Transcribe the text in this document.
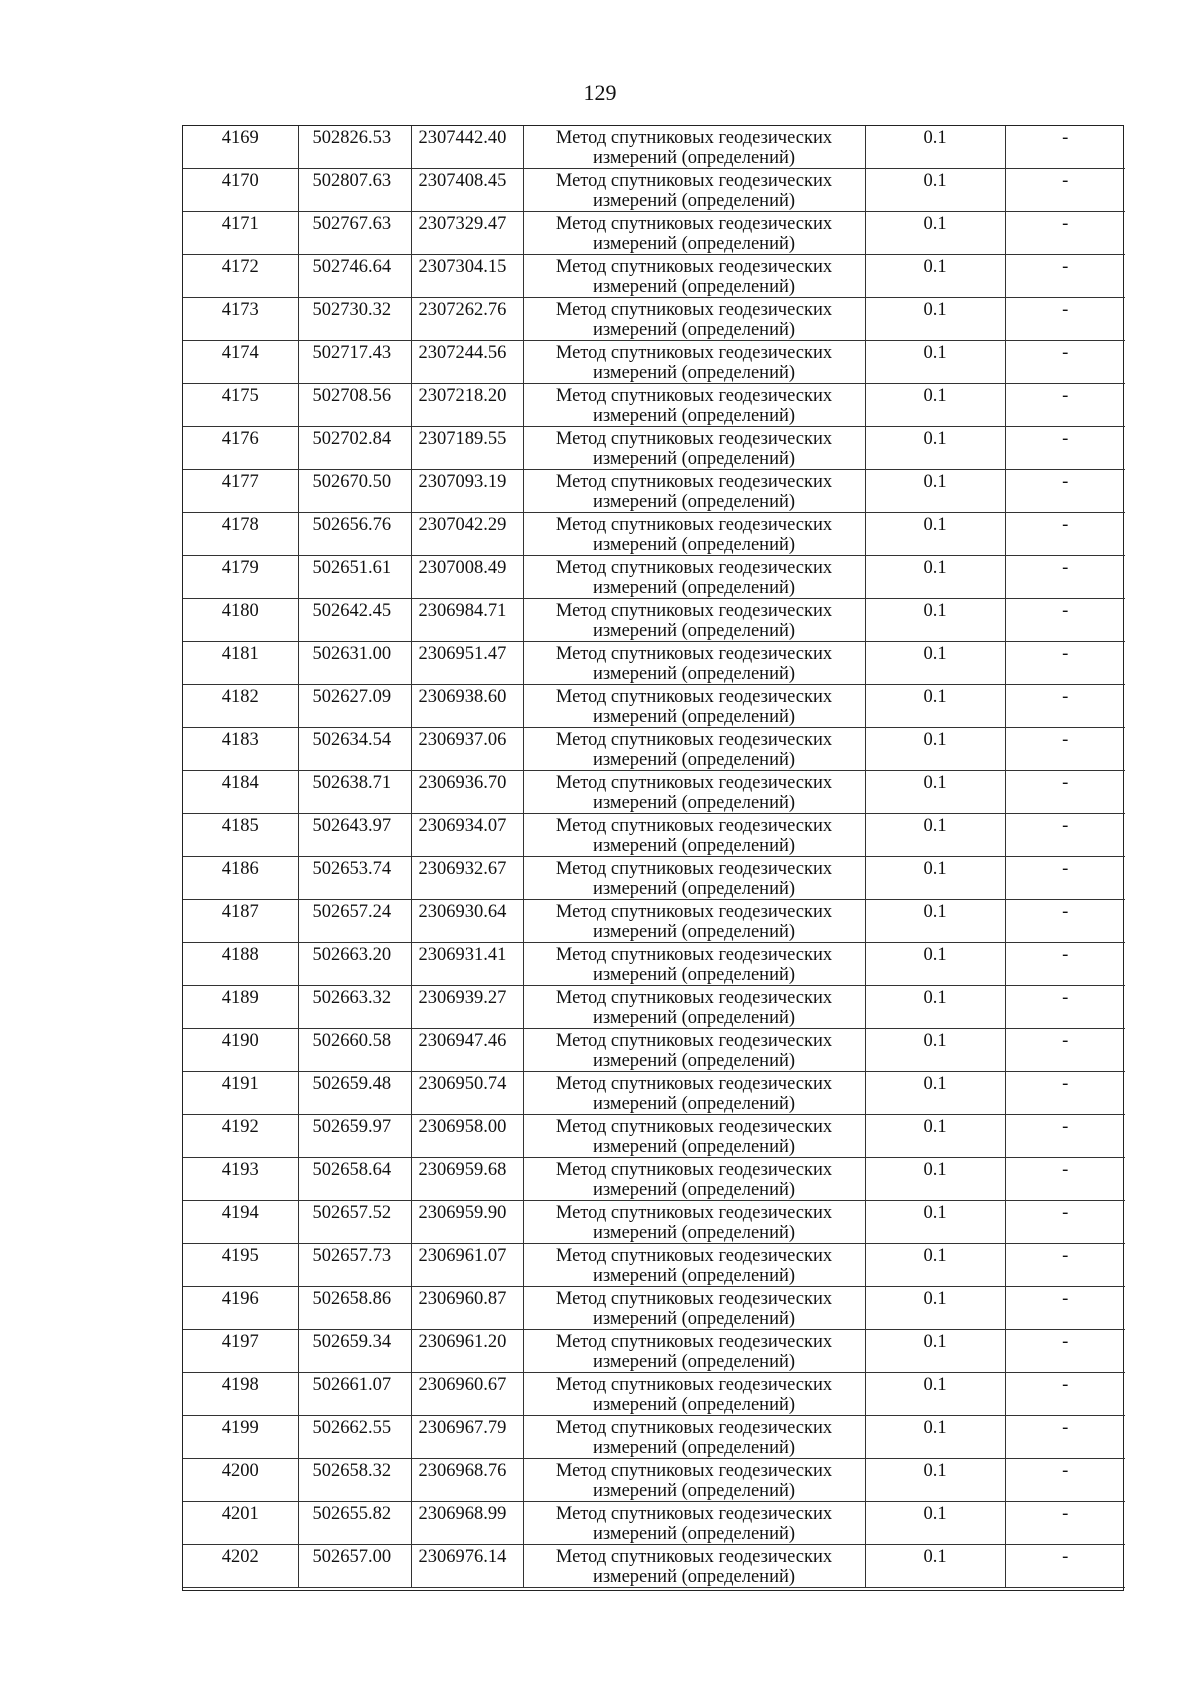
129
4169	502826.53	2307442.40	Метод спутниковых геодезических измерений (определений)	0.1	-
4170	502807.63	2307408.45	Метод спутниковых геодезических измерений (определений)	0.1	-
4171	502767.63	2307329.47	Метод спутниковых геодезических измерений (определений)	0.1	-
4172	502746.64	2307304.15	Метод спутниковых геодезических измерений (определений)	0.1	-
4173	502730.32	2307262.76	Метод спутниковых геодезических измерений (определений)	0.1	-
4174	502717.43	2307244.56	Метод спутниковых геодезических измерений (определений)	0.1	-
4175	502708.56	2307218.20	Метод спутниковых геодезических измерений (определений)	0.1	-
4176	502702.84	2307189.55	Метод спутниковых геодезических измерений (определений)	0.1	-
4177	502670.50	2307093.19	Метод спутниковых геодезических измерений (определений)	0.1	-
4178	502656.76	2307042.29	Метод спутниковых геодезических измерений (определений)	0.1	-
4179	502651.61	2307008.49	Метод спутниковых геодезических измерений (определений)	0.1	-
4180	502642.45	2306984.71	Метод спутниковых геодезических измерений (определений)	0.1	-
4181	502631.00	2306951.47	Метод спутниковых геодезических измерений (определений)	0.1	-
4182	502627.09	2306938.60	Метод спутниковых геодезических измерений (определений)	0.1	-
4183	502634.54	2306937.06	Метод спутниковых геодезических измерений (определений)	0.1	-
4184	502638.71	2306936.70	Метод спутниковых геодезических измерений (определений)	0.1	-
4185	502643.97	2306934.07	Метод спутниковых геодезических измерений (определений)	0.1	-
4186	502653.74	2306932.67	Метод спутниковых геодезических измерений (определений)	0.1	-
4187	502657.24	2306930.64	Метод спутниковых геодезических измерений (определений)	0.1	-
4188	502663.20	2306931.41	Метод спутниковых геодезических измерений (определений)	0.1	-
4189	502663.32	2306939.27	Метод спутниковых геодезических измерений (определений)	0.1	-
4190	502660.58	2306947.46	Метод спутниковых геодезических измерений (определений)	0.1	-
4191	502659.48	2306950.74	Метод спутниковых геодезических измерений (определений)	0.1	-
4192	502659.97	2306958.00	Метод спутниковых геодезических измерений (определений)	0.1	-
4193	502658.64	2306959.68	Метод спутниковых геодезических измерений (определений)	0.1	-
4194	502657.52	2306959.90	Метод спутниковых геодезических измерений (определений)	0.1	-
4195	502657.73	2306961.07	Метод спутниковых геодезических измерений (определений)	0.1	-
4196	502658.86	2306960.87	Метод спутниковых геодезических измерений (определений)	0.1	-
4197	502659.34	2306961.20	Метод спутниковых геодезических измерений (определений)	0.1	-
4198	502661.07	2306960.67	Метод спутниковых геодезических измерений (определений)	0.1	-
4199	502662.55	2306967.79	Метод спутниковых геодезических измерений (определений)	0.1	-
4200	502658.32	2306968.76	Метод спутниковых геодезических измерений (определений)	0.1	-
4201	502655.82	2306968.99	Метод спутниковых геодезических измерений (определений)	0.1	-
4202	502657.00	2306976.14	Метод спутниковых геодезических измерений (определений)	0.1	-
